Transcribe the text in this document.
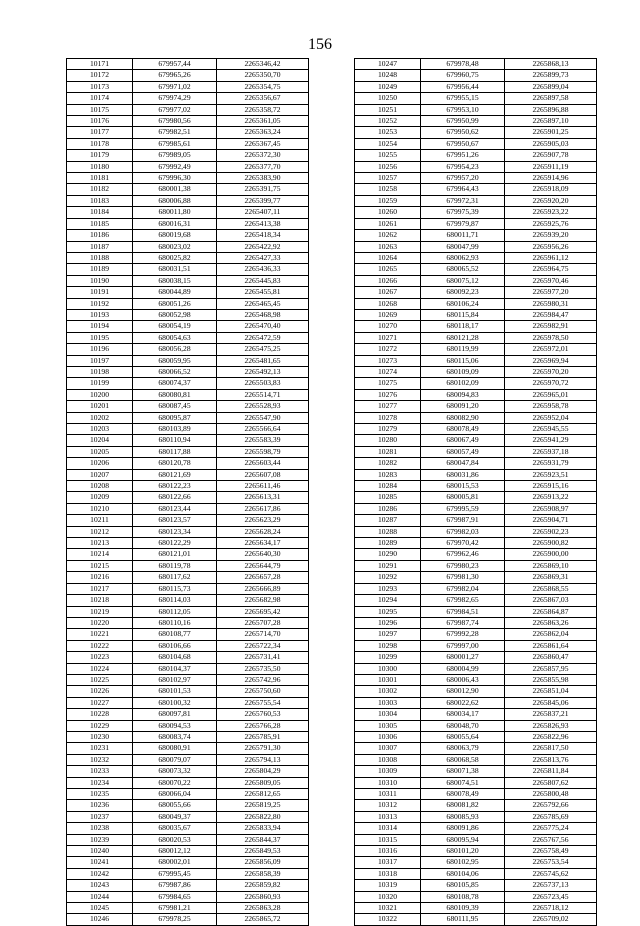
156
10171	679957,44	2265346,42
10172	679965,26	2265350,70
10173	679971,02	2265354,75
10174	679974,29	2265356,67
10175	679977,02	2265358,72
10176	679980,56	2265361,05
10177	679982,51	2265363,24
10178	679985,61	2265367,45
10179	679989,05	2265372,30
10180	679992,49	2265377,70
10181	679996,30	2265383,90
10182	680001,38	2265391,75
10183	680006,88	2265399,77
10184	680011,80	2265407,11
10185	680016,31	2265413,38
10186	680019,68	2265418,34
10187	680023,02	2265422,92
10188	680025,82	2265427,33
10189	680031,51	2265436,33
10190	680038,15	2265445,83
10191	680044,89	2265455,81
10192	680051,26	2265465,45
10193	680052,98	2265468,98
10194	680054,19	2265470,40
10195	680054,63	2265472,59
10196	680056,28	2265475,25
10197	680059,95	2265481,65
10198	680066,52	2265492,13
10199	680074,37	2265503,83
10200	680080,81	2265514,71
10201	680087,45	2265528,93
10202	680095,87	2265547,90
10203	680103,89	2265566,64
10204	680110,94	2265583,39
10205	680117,88	2265598,79
10206	680120,78	2265603,44
10207	680121,69	2265607,08
10208	680122,23	2265611,46
10209	680122,66	2265613,31
10210	680123,44	2265617,86
10211	680123,57	2265623,29
10212	680123,34	2265628,24
10213	680122,29	2265634,17
10214	680121,01	2265640,30
10215	680119,78	2265644,79
10216	680117,62	2265657,28
10217	680115,73	2265666,89
10218	680114,03	2265682,98
10219	680112,05	2265695,42
10220	680110,16	2265707,28
10221	680108,77	2265714,70
10222	680106,66	2265722,34
10223	680104,68	2265731,41
10224	680104,37	2265735,50
10225	680102,97	2265742,96
10226	680101,53	2265750,60
10227	680100,32	2265755,54
10228	680097,81	2265760,53
10229	680094,53	2265766,28
10230	680083,74	2265785,91
10231	680080,91	2265791,30
10232	680079,07	2265794,13
10233	680073,32	2265804,29
10234	680070,22	2265809,05
10235	680066,04	2265812,65
10236	680055,66	2265819,25
10237	680049,37	2265822,80
10238	680035,67	2265833,94
10239	680020,53	2265844,37
10240	680012,12	2265849,53
10241	680002,01	2265856,09
10242	679995,45	2265858,39
10243	679987,86	2265859,82
10244	679984,65	2265860,93
10245	679981,21	2265863,28
10246	679978,25	2265865,72
10247	679978,48	2265868,13
10248	679960,75	2265899,73
10249	679956,44	2265899,04
10250	679955,15	2265897,58
10251	679953,10	2265896,88
10252	679950,99	2265897,10
10253	679950,62	2265901,25
10254	679950,67	2265905,03
10255	679951,26	2265907,78
10256	679954,23	2265911,19
10257	679957,20	2265914,96
10258	679964,43	2265918,09
10259	679972,31	2265920,20
10260	679975,39	2265923,22
10261	679979,87	2265925,76
10262	680011,71	2265939,20
10263	680047,99	2265956,26
10264	680062,93	2265961,12
10265	680065,52	2265964,75
10266	680075,12	2265970,46
10267	680092,23	2265977,20
10268	680106,24	2265980,31
10269	680115,84	2265984,47
10270	680118,17	2265982,91
10271	680121,28	2265978,50
10272	680119,99	2265972,01
10273	680115,06	2265969,94
10274	680109,09	2265970,20
10275	680102,09	2265970,72
10276	680094,83	2265965,01
10277	680091,20	2265958,78
10278	680082,90	2265952,04
10279	680078,49	2265945,55
10280	680067,49	2265941,29
10281	680057,49	2265937,18
10282	680047,84	2265931,79
10283	680031,86	2265923,51
10284	680015,53	2265915,16
10285	680005,81	2265913,22
10286	679995,59	2265908,97
10287	679987,91	2265904,71
10288	679982,03	2265902,23
10289	679970,42	2265900,82
10290	679962,46	2265900,00
10291	679980,23	2265869,10
10292	679981,30	2265869,31
10293	679982,04	2265868,55
10294	679982,65	2265867,03
10295	679984,51	2265864,87
10296	679987,74	2265863,26
10297	679992,28	2265862,04
10298	679997,00	2265861,64
10299	680001,27	2265860,47
10300	680004,99	2265857,95
10301	680006,43	2265855,98
10302	680012,90	2265851,04
10303	680022,62	2265845,06
10304	680034,17	2265837,21
10305	680048,70	2265826,93
10306	680055,64	2265822,96
10307	680063,79	2265817,50
10308	680068,58	2265813,76
10309	680071,38	2265811,84
10310	680074,51	2265807,62
10311	680078,49	2265800,48
10312	680081,82	2265792,66
10313	680085,93	2265785,69
10314	680091,86	2265775,24
10315	680095,94	2265767,56
10316	680101,20	2265758,49
10317	680102,95	2265753,54
10318	680104,06	2265745,62
10319	680105,85	2265737,13
10320	680108,78	2265723,45
10321	680109,39	2265718,12
10322	680111,95	2265709,02
